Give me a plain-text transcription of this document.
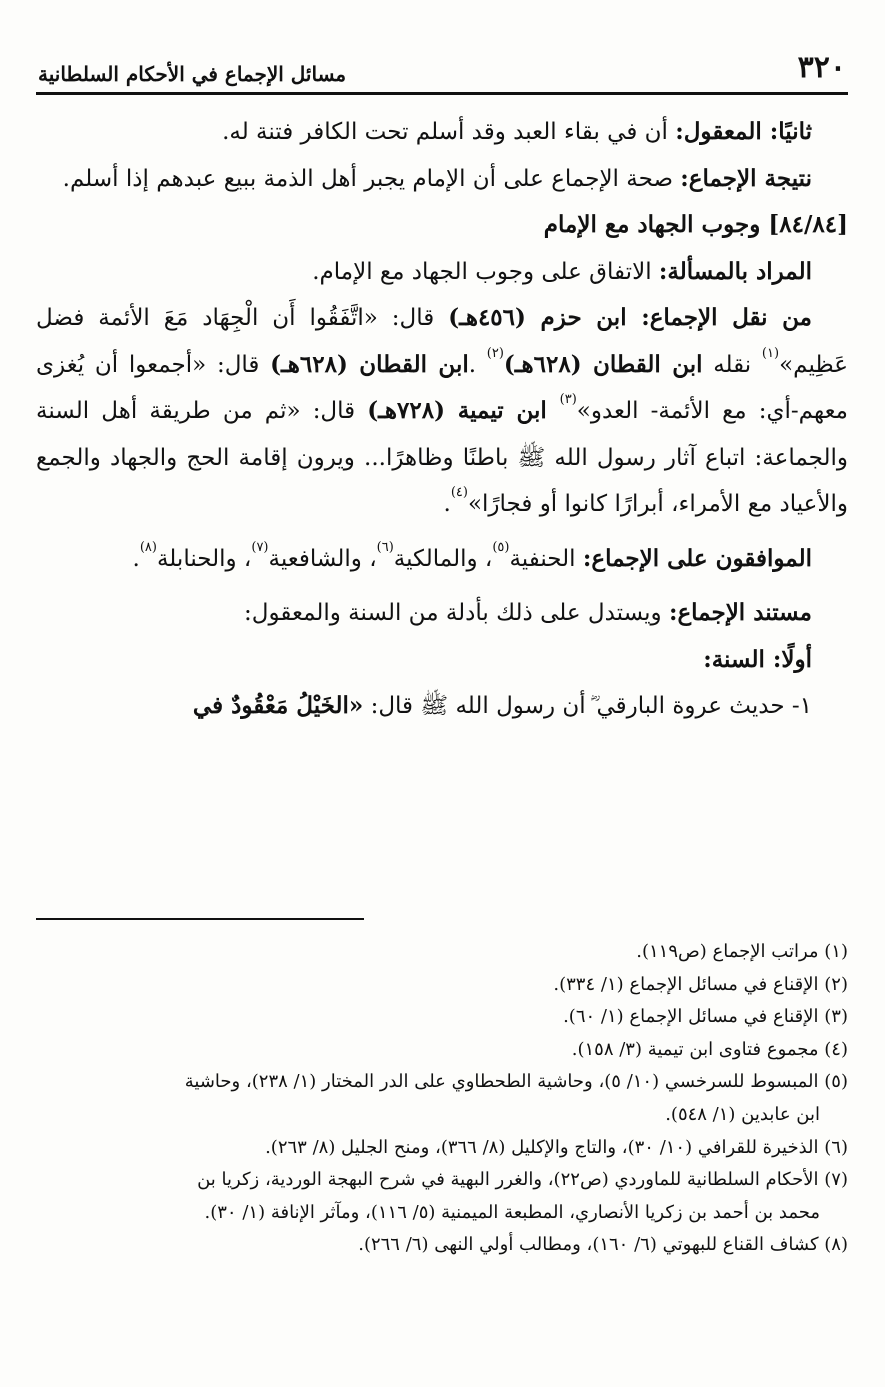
٣٢٠
مسائل الإجماع في الأحكام السلطانية

ثانيًا: المعقول: أن في بقاء العبد وقد أسلم تحت الكافر فتنة له.

نتيجة الإجماع: صحة الإجماع على أن الإمام يجبر أهل الذمة ببيع عبدهم إذا أسلم.

[٨٤/٨٤] وجوب الجهاد مع الإمام

المراد بالمسألة: الاتفاق على وجوب الجهاد مع الإمام.

من نقل الإجماع: ابن حزم (٤٥٦هـ) قال: «اتَّفَقُوا أَن الْجِهَاد مَعَ الأئمة فضل عَظِيم»$^{(١)}$ نقله ابن القطان (٦٢٨هـ)$^{(٢)}$ .ابن القطان (٦٢٨هـ) قال: «أجمعوا أن يُغزى معهم-أي: مع الأئمة- العدو»$^{(٣)}$ ابن تيمية (٧٢٨هـ) قال: «ثم من طريقة أهل السنة والجماعة: اتباع آثار رسول الله ﷺ باطنًا وظاهرًا... ويرون إقامة الحج والجهاد والجمع والأعياد مع الأمراء، أبرارًا كانوا أو فجارًا»$^{(٤)}$.

الموافقون على الإجماع: الحنفية$^{(٥)}$، والمالكية$^{(٦)}$، والشافعية$^{(٧)}$، والحنابلة$^{(٨)}$.

مستند الإجماع: ويستدل على ذلك بأدلة من السنة والمعقول:

أولًا: السنة:

١- حديث عروة البارقي ؓ أن رسول الله ﷺ قال: «الخَيْلُ مَعْقُودٌ في

(١) مراتب الإجماع (ص١١٩).
(٢) الإقناع في مسائل الإجماع (١/ ٣٣٤).
(٣) الإقناع في مسائل الإجماع (١/ ٦٠).
(٤) مجموع فتاوى ابن تيمية (٣/ ١٥٨).
(٥) المبسوط للسرخسي (١٠/ ٥)، وحاشية الطحطاوي على الدر المختار (١/ ٢٣٨)، وحاشية
ابن عابدين (١/ ٥٤٨).
(٦) الذخيرة للقرافي (١٠/ ٣٠)، والتاج والإكليل (٨/ ٣٦٦)، ومنح الجليل (٨/ ٢٦٣).
(٧) الأحكام السلطانية للماوردي (ص٢٢)، والغرر البهية في شرح البهجة الوردية، زكريا بن
محمد بن أحمد بن زكريا الأنصاري، المطبعة الميمنية (٥/ ١١٦)، ومآثر الإنافة (١/ ٣٠).
(٨) كشاف القناع للبهوتي (٦/ ١٦٠)، ومطالب أولي النهى (٦/ ٢٦٦).
